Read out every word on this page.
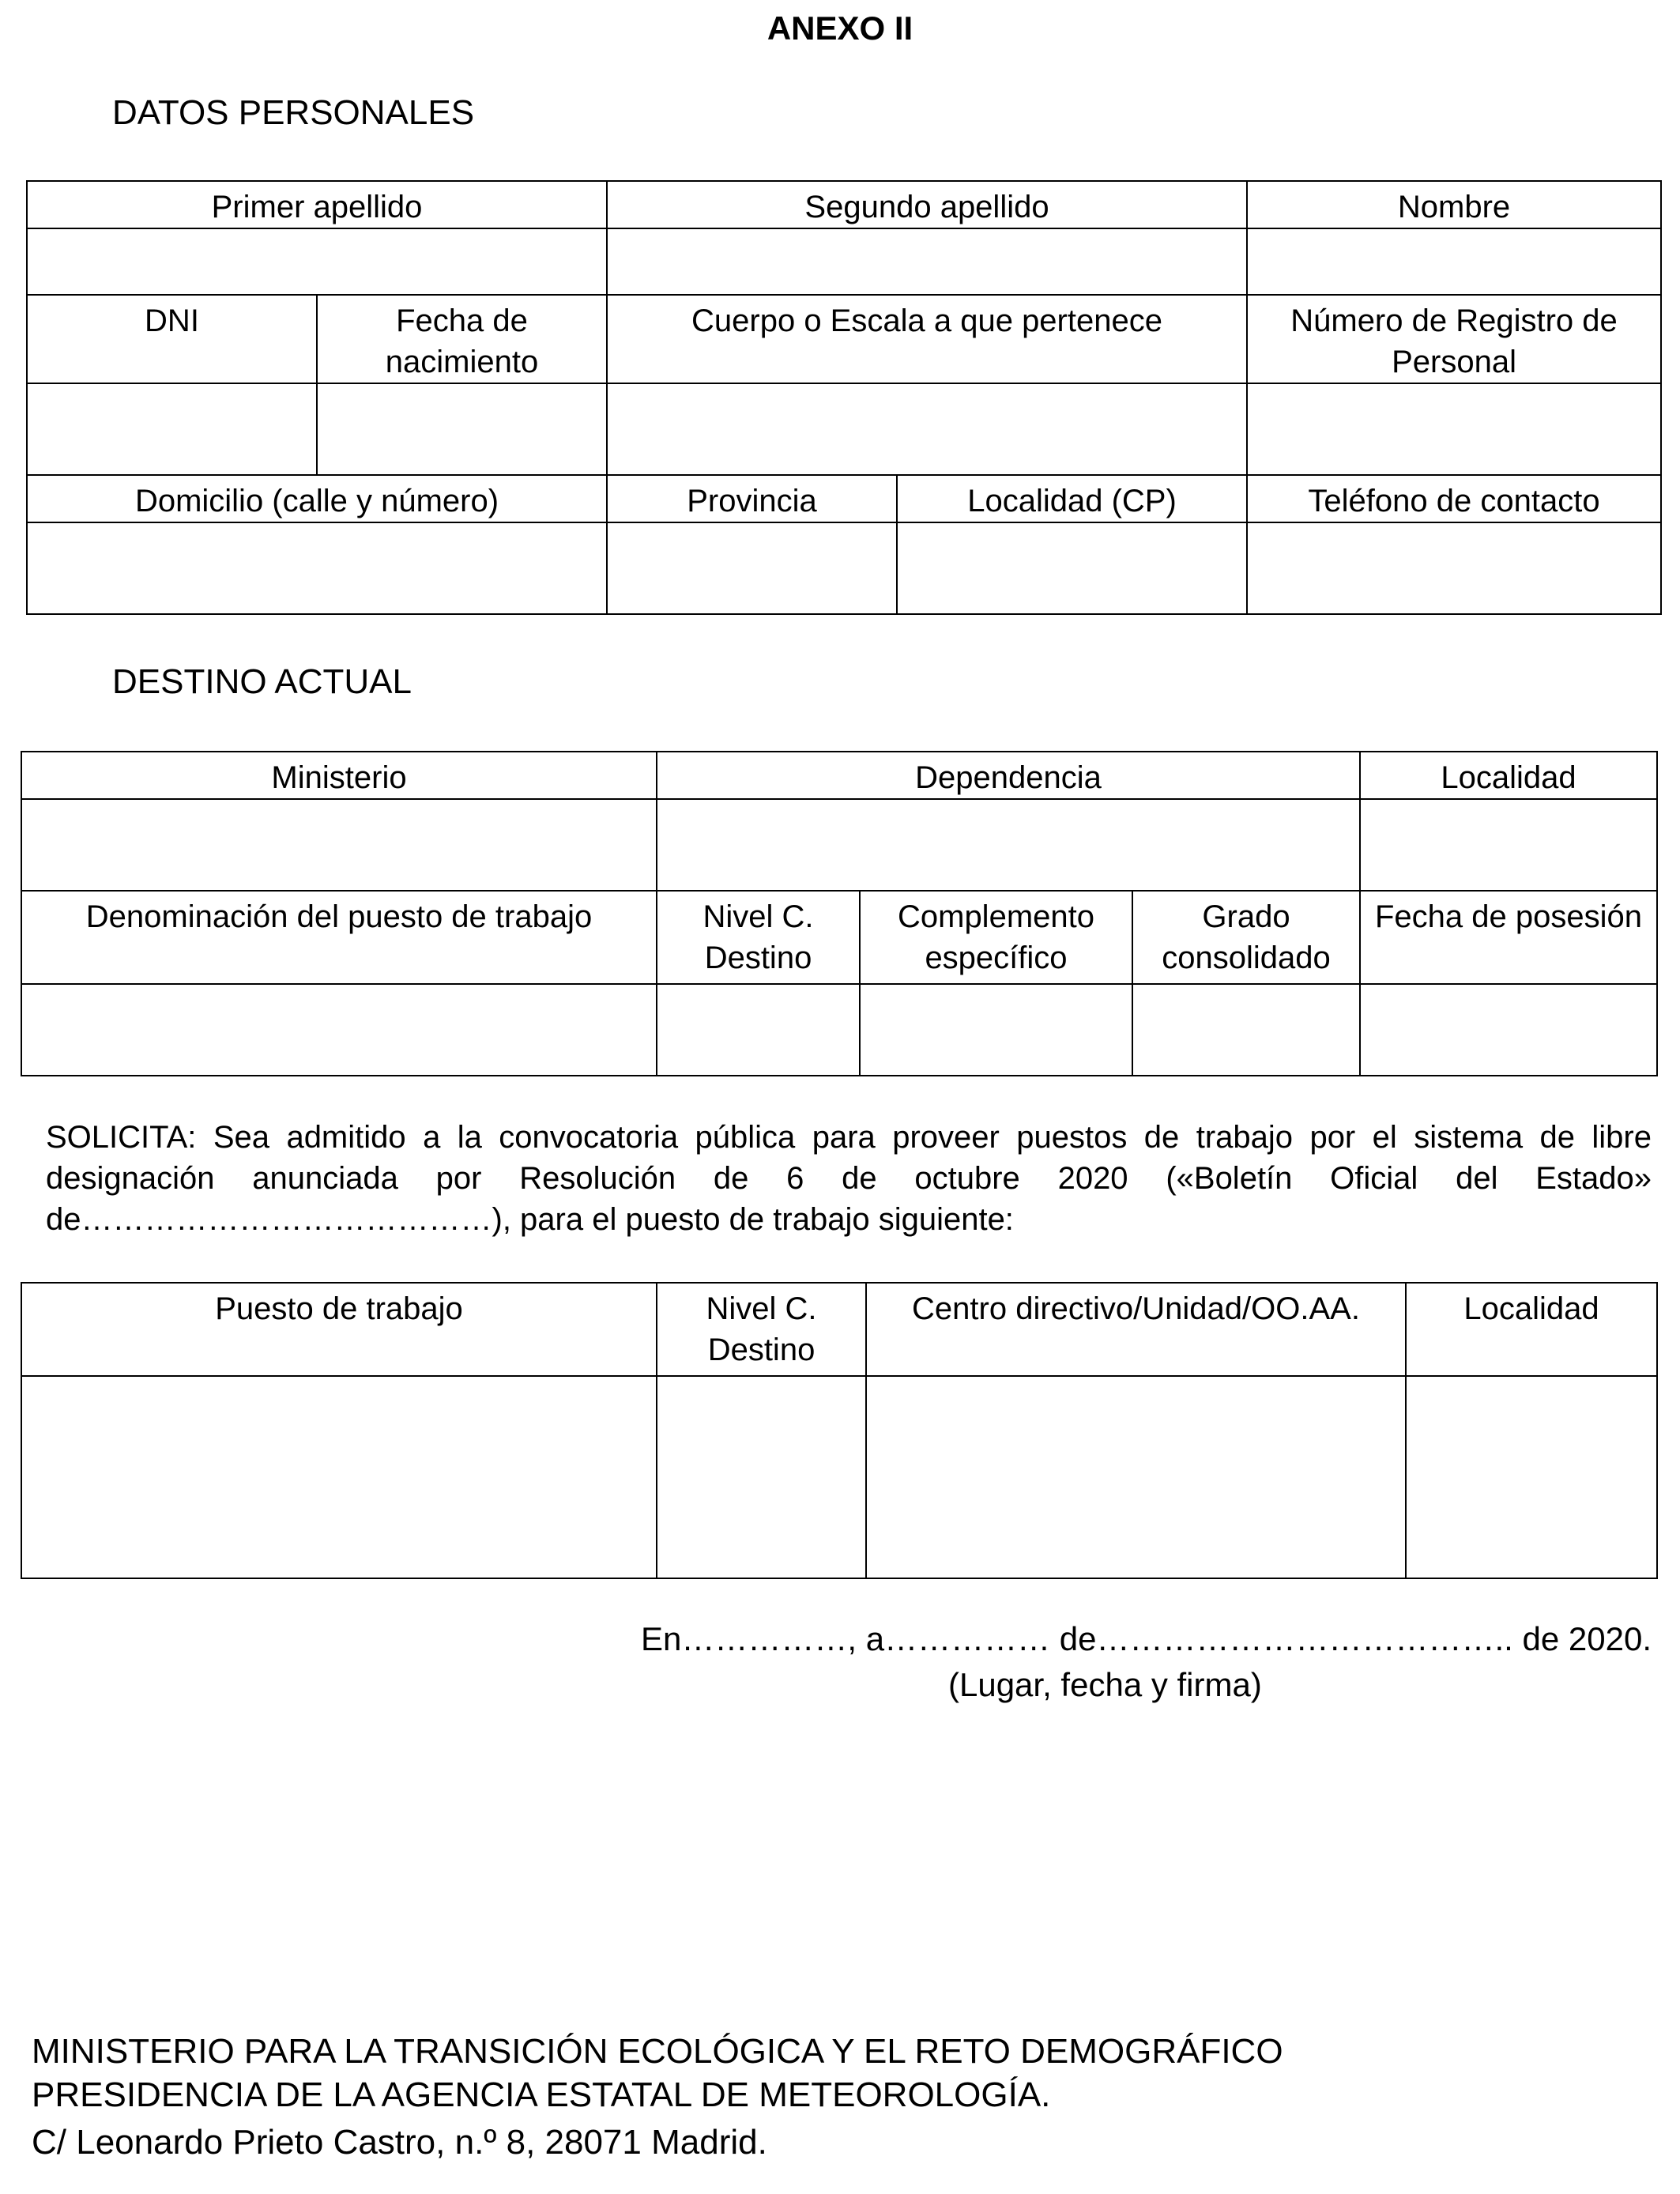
ANEXO II
DATOS PERSONALES
Primer apellido		Segundo apellido		Nombre

DNI	Fecha de nacimiento	Cuerpo o Escala a que pertenece		Número de Registro de Personal

Domicilio (calle y número)		Provincia	Localidad (CP)	Teléfono de contacto

DESTINO ACTUAL
Ministerio	Dependencia			Localidad

Denominación del puesto de trabajo	Nivel C. Destino	Complemento específico	Grado consolidado	Fecha de posesión

SOLICITA: Sea admitido a la convocatoria pública para proveer puestos de trabajo por el sistema de libre designación anunciada por Resolución de 6 de octubre 2020 («Boletín Oficial del Estado» de…………………………………), para el puesto de trabajo siguiente:
Puesto de trabajo	Nivel C. Destino	Centro directivo/Unidad/OO.AA.	Localidad

En……………, a…………… de……………………………….. de 2020.
(Lugar, fecha y firma)
MINISTERIO PARA LA TRANSICIÓN ECOLÓGICA Y EL RETO DEMOGRÁFICO
PRESIDENCIA DE LA AGENCIA ESTATAL DE METEOROLOGÍA.
C/ Leonardo Prieto Castro, n.º 8, 28071 Madrid.
